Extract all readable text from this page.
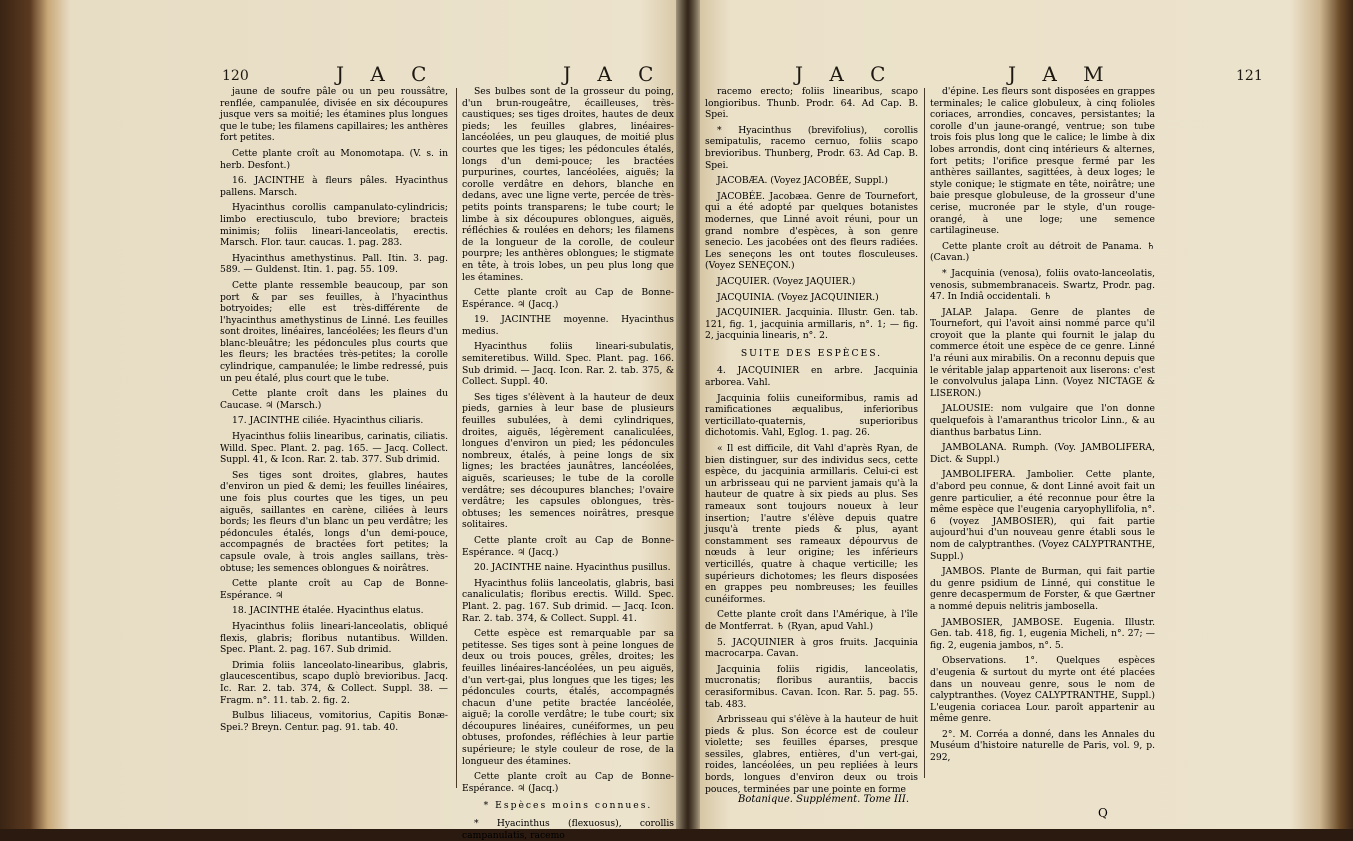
120	J A C	J A C

jaune de soufre pâle ou un peu roussâtre, renflée, campanulée, divisée en six découpures jusque vers sa moitié; les étamines plus longues que le tube; les filamens capillaires; les anthères fort petites.

Cette plante croît au Monomotapa. (V. s. in herb. Desfont.)

16. JACINTHE à fleurs pâles. Hyacinthus pallens. Marsch.

Hyacinthus corollis campanulato-cylindricis; limbo erectiusculo, tubo breviore; bracteis minimis; foliis lineari-lanceolatis, erectis. Marsch. Flor. taur. caucas. 1. pag. 283.

Hyacinthus amethystinus. Pall. Itin. 3. pag. 589. — Guldenst. Itin. 1. pag. 55. 109.

Cette plante ressemble beaucoup, par son port & par ses feuilles, à l'hyacinthus botryoides; elle est très-différente de l'hyacinthus amethystinus de Linné. Les feuilles sont droites, linéaires, lancéolées; les fleurs d'un blanc-bleuâtre; les pédoncules plus courts que les fleurs; les bractées très-petites; la corolle cylindrique, campanulée; le limbe redressé, puis un peu étalé, plus court que le tube.

Cette plante croît dans les plaines du Caucase. ♃ (Marsch.)

17. JACINTHE ciliée. Hyacinthus ciliaris.

Hyacinthus foliis linearibus, carinatis, ciliatis. Willd. Spec. Plant. 2. pag. 165. — Jacq. Collect. Suppl. 41, & Icon. Rar. 2. tab. 377. Sub drimid.

Ses tiges sont droites, glabres, hautes d'environ un pied & demi; les feuilles linéaires, une fois plus courtes que les tiges, un peu aiguës, saillantes en carène, ciliées à leurs bords; les fleurs d'un blanc un peu verdâtre; les pédoncules étalés, longs d'un demi-pouce, accompagnés de bractées fort petites; la capsule ovale, à trois angles saillans, très-obtuse; les semences oblongues & noirâtres.

Cette plante croît au Cap de Bonne-Espérance. ♃

18. JACINTHE étalée. Hyacinthus elatus.

Hyacinthus foliis lineari-lanceolatis, obliqué flexis, glabris; floribus nutantibus. Willden. Spec. Plant. 2. pag. 167. Sub drimid.

Drimia foliis lanceolato-linearibus, glabris, glaucescentibus, scapo duplò brevioribus. Jacq. Ic. Rar. 2. tab. 374, & Collect. Suppl. 38. — Fragm. n°. 11. tab. 2. fig. 2.

Bulbus liliaceus, vomitorius, Capitis Bonæ-Spei.? Breyn. Centur. pag. 91. tab. 40.

Ses bulbes sont de la grosseur du poing, d'un brun-rougeâtre, écailleuses, très-caustiques; ses tiges droites, hautes de deux pieds; les feuilles glabres, linéaires-lancéolées, un peu glauques, de moitié plus courtes que les tiges; les pédoncules étalés, longs d'un demi-pouce; les bractées purpurines, courtes, lancéolées, aiguës; la corolle verdâtre en dehors, blanche en dedans, avec une ligne verte, percée de très-petits points transparens; le tube court; le limbe à six découpures oblongues, aiguës, réfléchies & roulées en dehors; les filamens de la longueur de la corolle, de couleur pourpre; les anthères oblongues; le stigmate en tête, à trois lobes, un peu plus long que les étamines.

Cette plante croît au Cap de Bonne-Espérance. ♃ (Jacq.)

19. JACINTHE moyenne. Hyacinthus medius.

Hyacinthus foliis lineari-subulatis, semiteretibus. Willd. Spec. Plant. pag. 166. Sub drimid. — Jacq. Icon. Rar. 2. tab. 375, & Collect. Suppl. 40.

Ses tiges s'élèvent à la hauteur de deux pieds, garnies à leur base de plusieurs feuilles subulées, à demi cylindriques, droites, aiguës, légèrement canaliculées, longues d'environ un pied; les pédoncules nombreux, étalés, à peine longs de six lignes; les bractées jaunâtres, lancéolées, aiguës, scarieuses; le tube de la corolle verdâtre; ses découpures blanches; l'ovaire verdâtre; les capsules oblongues, très-obtuses; les semences noirâtres, presque solitaires.

Cette plante croît au Cap de Bonne-Espérance. ♃ (Jacq.)

20. JACINTHE naine. Hyacinthus pusillus.

Hyacinthus foliis lanceolatis, glabris, basi canaliculatis; floribus erectis. Willd. Spec. Plant. 2. pag. 167. Sub drimid. — Jacq. Icon. Rar. 2. tab. 374, & Collect. Suppl. 41.

Cette espèce est remarquable par sa petitesse. Ses tiges sont à peine longues de deux ou trois pouces, grêles, droites; les feuilles linéaires-lancéolées, un peu aiguës, d'un vert-gai, plus longues que les tiges; les pédoncules courts, étalés, accompagnés chacun d'une petite bractée lancéolée, aiguë; la corolle verdâtre; le tube court; six découpures linéaires, cunéiformes, un peu obtuses, profondes, réfléchies à leur partie supérieure; le style couleur de rose, de la longueur des étamines.

Cette plante croît au Cap de Bonne-Espérance. ♃ (Jacq.)

* Espèces moins connues.

* Hyacinthus (flexuosus), corollis campanulatis, racemo

J A C	J A M	121

racemo erecto; foliis linearibus, scapo longioribus. Thunb. Prodr. 64. Ad Cap. B. Spei.

* Hyacinthus (brevifolius), corollis semipatulis, racemo cernuo, foliis scapo brevioribus. Thunberg, Prodr. 63. Ad Cap. B. Spei.

JACOBÆA. (Voyez JACOBÉE, Suppl.)

JACOBÉE. Jacobæa. Genre de Tournefort, qui a été adopté par quelques botanistes modernes, que Linné avoit réuni, pour un grand nombre d'espèces, à son genre senecio. Les jacobées ont des fleurs radiées. Les seneçons les ont toutes flosculeuses. (Voyez SENEÇON.)

JACQUIER. (Voyez JAQUIER.)

JACQUINIA. (Voyez JACQUINIER.)

JACQUINIER. Jacquinia. Illustr. Gen. tab. 121, fig. 1, jacquinia armillaris, n°. 1; — fig. 2, jacquinia linearis, n°. 2.

SUITE DES ESPÈCES.

4. JACQUINIER en arbre. Jacquinia arborea. Vahl.

Jacquinia foliis cuneiformibus, ramis ad ramificationes æqualibus, inferioribus verticillato-quaternis, superioribus dichotomis. Vahl, Eglog. 1. pag. 26.

« Il est difficile, dit Vahl d'après Ryan, de bien distinguer, sur des individus secs, cette espèce, du jacquinia armillaris. Celui-ci est un arbrisseau qui ne parvient jamais qu'à la hauteur de quatre à six pieds au plus. Ses rameaux sont toujours noueux à leur insertion; l'autre s'élève depuis quatre jusqu'à trente pieds & plus, ayant constamment ses rameaux dépourvus de nœuds à leur origine; les inférieurs verticillés, quatre à chaque verticille; les supérieurs dichotomes; les fleurs disposées en grappes peu nombreuses; les feuilles cunéiformes.

Cette plante croît dans l'Amérique, à l'île de Montferrat. ♄ (Ryan, apud Vahl.)

5. JACQUINIER à gros fruits. Jacquinia macrocarpa. Cavan.

Jacquinia foliis rigidis, lanceolatis, mucronatis; floribus aurantiis, baccis cerasiformibus. Cavan. Icon. Rar. 5. pag. 55. tab. 483.

Arbrisseau qui s'élève à la hauteur de huit pieds & plus. Son écorce est de couleur violette; ses feuilles éparses, presque sessiles, glabres, entières, d'un vert-gai, roides, lancéolées, un peu repliées à leurs bords, longues d'environ deux ou trois pouces, terminées par une pointe en forme

d'épine. Les fleurs sont disposées en grappes terminales; le calice globuleux, à cinq folioles coriaces, arrondies, concaves, persistantes; la corolle d'un jaune-orangé, ventrue; son tube trois fois plus long que le calice; le limbe à dix lobes arrondis, dont cinq intérieurs & alternes, fort petits; l'orifice presque fermé par les anthères saillantes, sagittées, à deux loges; le style conique; le stigmate en tête, noirâtre; une baie presque globuleuse, de la grosseur d'une cerise, mucronée par le style, d'un rouge-orangé, à une loge; une semence cartilagineuse.

Cette plante croît au détroit de Panama. ♄ (Cavan.)

* Jacquinia (venosa), foliis ovato-lanceolatis, venosis, submembranaceis. Swartz, Prodr. pag. 47. In Indiâ occidentali. ♄

JALAP. Jalapa. Genre de plantes de Tournefort, qui l'avoit ainsi nommé parce qu'il croyoit que la plante qui fournit le jalap du commerce étoit une espèce de ce genre. Linné l'a réuni aux mirabilis. On a reconnu depuis que le véritable jalap appartenoit aux liserons: c'est le convolvulus jalapa Linn. (Voyez NICTAGE & LISERON.)

JALOUSIE: nom vulgaire que l'on donne quelquefois à l'amaranthus tricolor Linn., & au dianthus barbatus Linn.

JAMBOLANA. Rumph. (Voy. JAMBOLIFERA, Dict. & Suppl.)

JAMBOLIFERA. Jambolier. Cette plante, d'abord peu connue, & dont Linné avoit fait un genre particulier, a été reconnue pour être la même espèce que l'eugenia caryophyllifolia, n°. 6 (voyez JAMBOSIER), qui fait partie aujourd'hui d'un nouveau genre établi sous le nom de calyptranthes. (Voyez CALYPTRANTHE, Suppl.)

JAMBOS. Plante de Burman, qui fait partie du genre psidium de Linné, qui constitue le genre decaspermum de Forster, & que Gærtner a nommé depuis nelitris jambosella.

JAMBOSIER, JAMBOSE. Eugenia. Illustr. Gen. tab. 418, fig. 1, eugenia Micheli, n°. 27; — fig. 2, eugenia jambos, n°. 5.

Observations. 1°. Quelques espèces d'eugenia & surtout du myrte ont été placées dans un nouveau genre, sous le nom de calyptranthes. (Voyez CALYPTRANTHE, Suppl.) L'eugenia coriacea Lour. paroît appartenir au même genre.

2°. M. Corréa a donné, dans les Annales du Muséum d'histoire naturelle de Paris, vol. 9, p. 292,

Botanique. Supplément. Tome III.
Q
